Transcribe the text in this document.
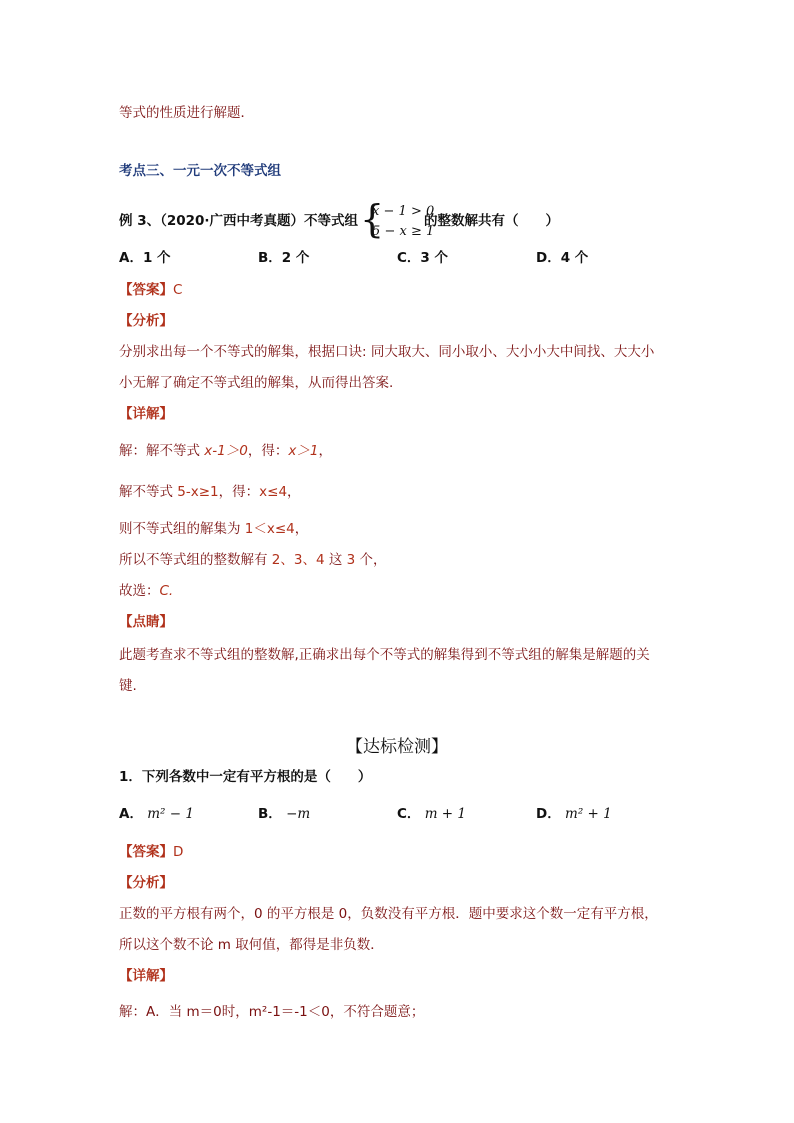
等式的性质进行解题．
考点三、一元一次不等式组
例 3、（2020·广西中考真题）不等式组 {
x − 1 > 0
5 − x ≥ 1
的整数解共有（　　）
A．1 个	B．2 个	C．3 个	D．4 个
【答案】C
【分析】
分别求出每一个不等式的解集，根据口诀: 同大取大、同小取小、大小小大中间找、大大小
小无解了确定不等式组的解集，从而得出答案.
【详解】
解：解不等式 x-1＞0，得：x＞1，
解不等式 5-x≥1，得：x≤4，
则不等式组的解集为 1＜x≤4，
所以不等式组的整数解有 2、3、4 这 3 个，
故选：C.
【点睛】
此题考查求不等式组的整数解,正确求出每个不等式的解集得到不等式组的解集是解题的关
键.
【达标检测】
1．下列各数中一定有平方根的是（　　）
A． m² − 1	B． −m	C． m + 1	D． m² + 1
【答案】D
【分析】
正数的平方根有两个，0 的平方根是 0，负数没有平方根．题中要求这个数一定有平方根，
所以这个数不论 m 取何值，都得是非负数．
【详解】
解：A．当 m＝0时，m²-1＝-1＜0，不符合题意；
